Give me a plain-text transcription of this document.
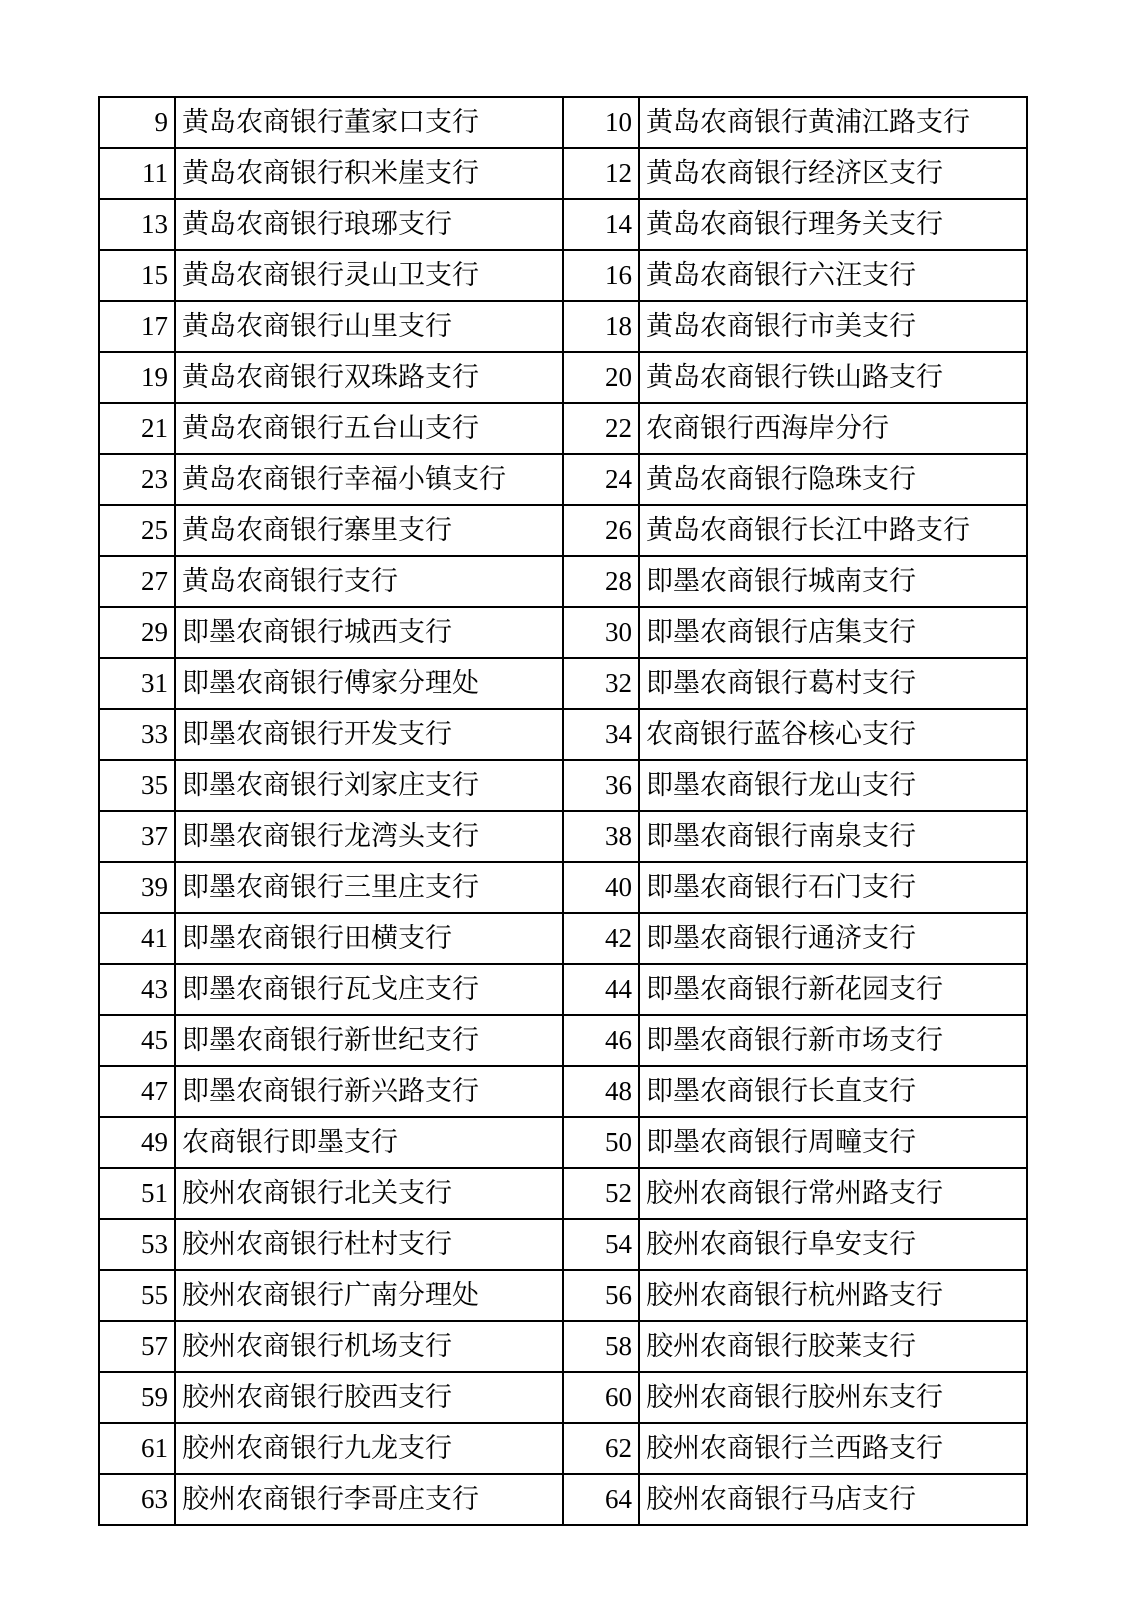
9	黄岛农商银行董家口支行	10	黄岛农商银行黄浦江路支行
11	黄岛农商银行积米崖支行	12	黄岛农商银行经济区支行
13	黄岛农商银行琅琊支行	14	黄岛农商银行理务关支行
15	黄岛农商银行灵山卫支行	16	黄岛农商银行六汪支行
17	黄岛农商银行山里支行	18	黄岛农商银行市美支行
19	黄岛农商银行双珠路支行	20	黄岛农商银行铁山路支行
21	黄岛农商银行五台山支行	22	农商银行西海岸分行
23	黄岛农商银行幸福小镇支行	24	黄岛农商银行隐珠支行
25	黄岛农商银行寨里支行	26	黄岛农商银行长江中路支行
27	黄岛农商银行支行	28	即墨农商银行城南支行
29	即墨农商银行城西支行	30	即墨农商银行店集支行
31	即墨农商银行傅家分理处	32	即墨农商银行葛村支行
33	即墨农商银行开发支行	34	农商银行蓝谷核心支行
35	即墨农商银行刘家庄支行	36	即墨农商银行龙山支行
37	即墨农商银行龙湾头支行	38	即墨农商银行南泉支行
39	即墨农商银行三里庄支行	40	即墨农商银行石门支行
41	即墨农商银行田横支行	42	即墨农商银行通济支行
43	即墨农商银行瓦戈庄支行	44	即墨农商银行新花园支行
45	即墨农商银行新世纪支行	46	即墨农商银行新市场支行
47	即墨农商银行新兴路支行	48	即墨农商银行长直支行
49	农商银行即墨支行	50	即墨农商银行周疃支行
51	胶州农商银行北关支行	52	胶州农商银行常州路支行
53	胶州农商银行杜村支行	54	胶州农商银行阜安支行
55	胶州农商银行广南分理处	56	胶州农商银行杭州路支行
57	胶州农商银行机场支行	58	胶州农商银行胶莱支行
59	胶州农商银行胶西支行	60	胶州农商银行胶州东支行
61	胶州农商银行九龙支行	62	胶州农商银行兰西路支行
63	胶州农商银行李哥庄支行	64	胶州农商银行马店支行
